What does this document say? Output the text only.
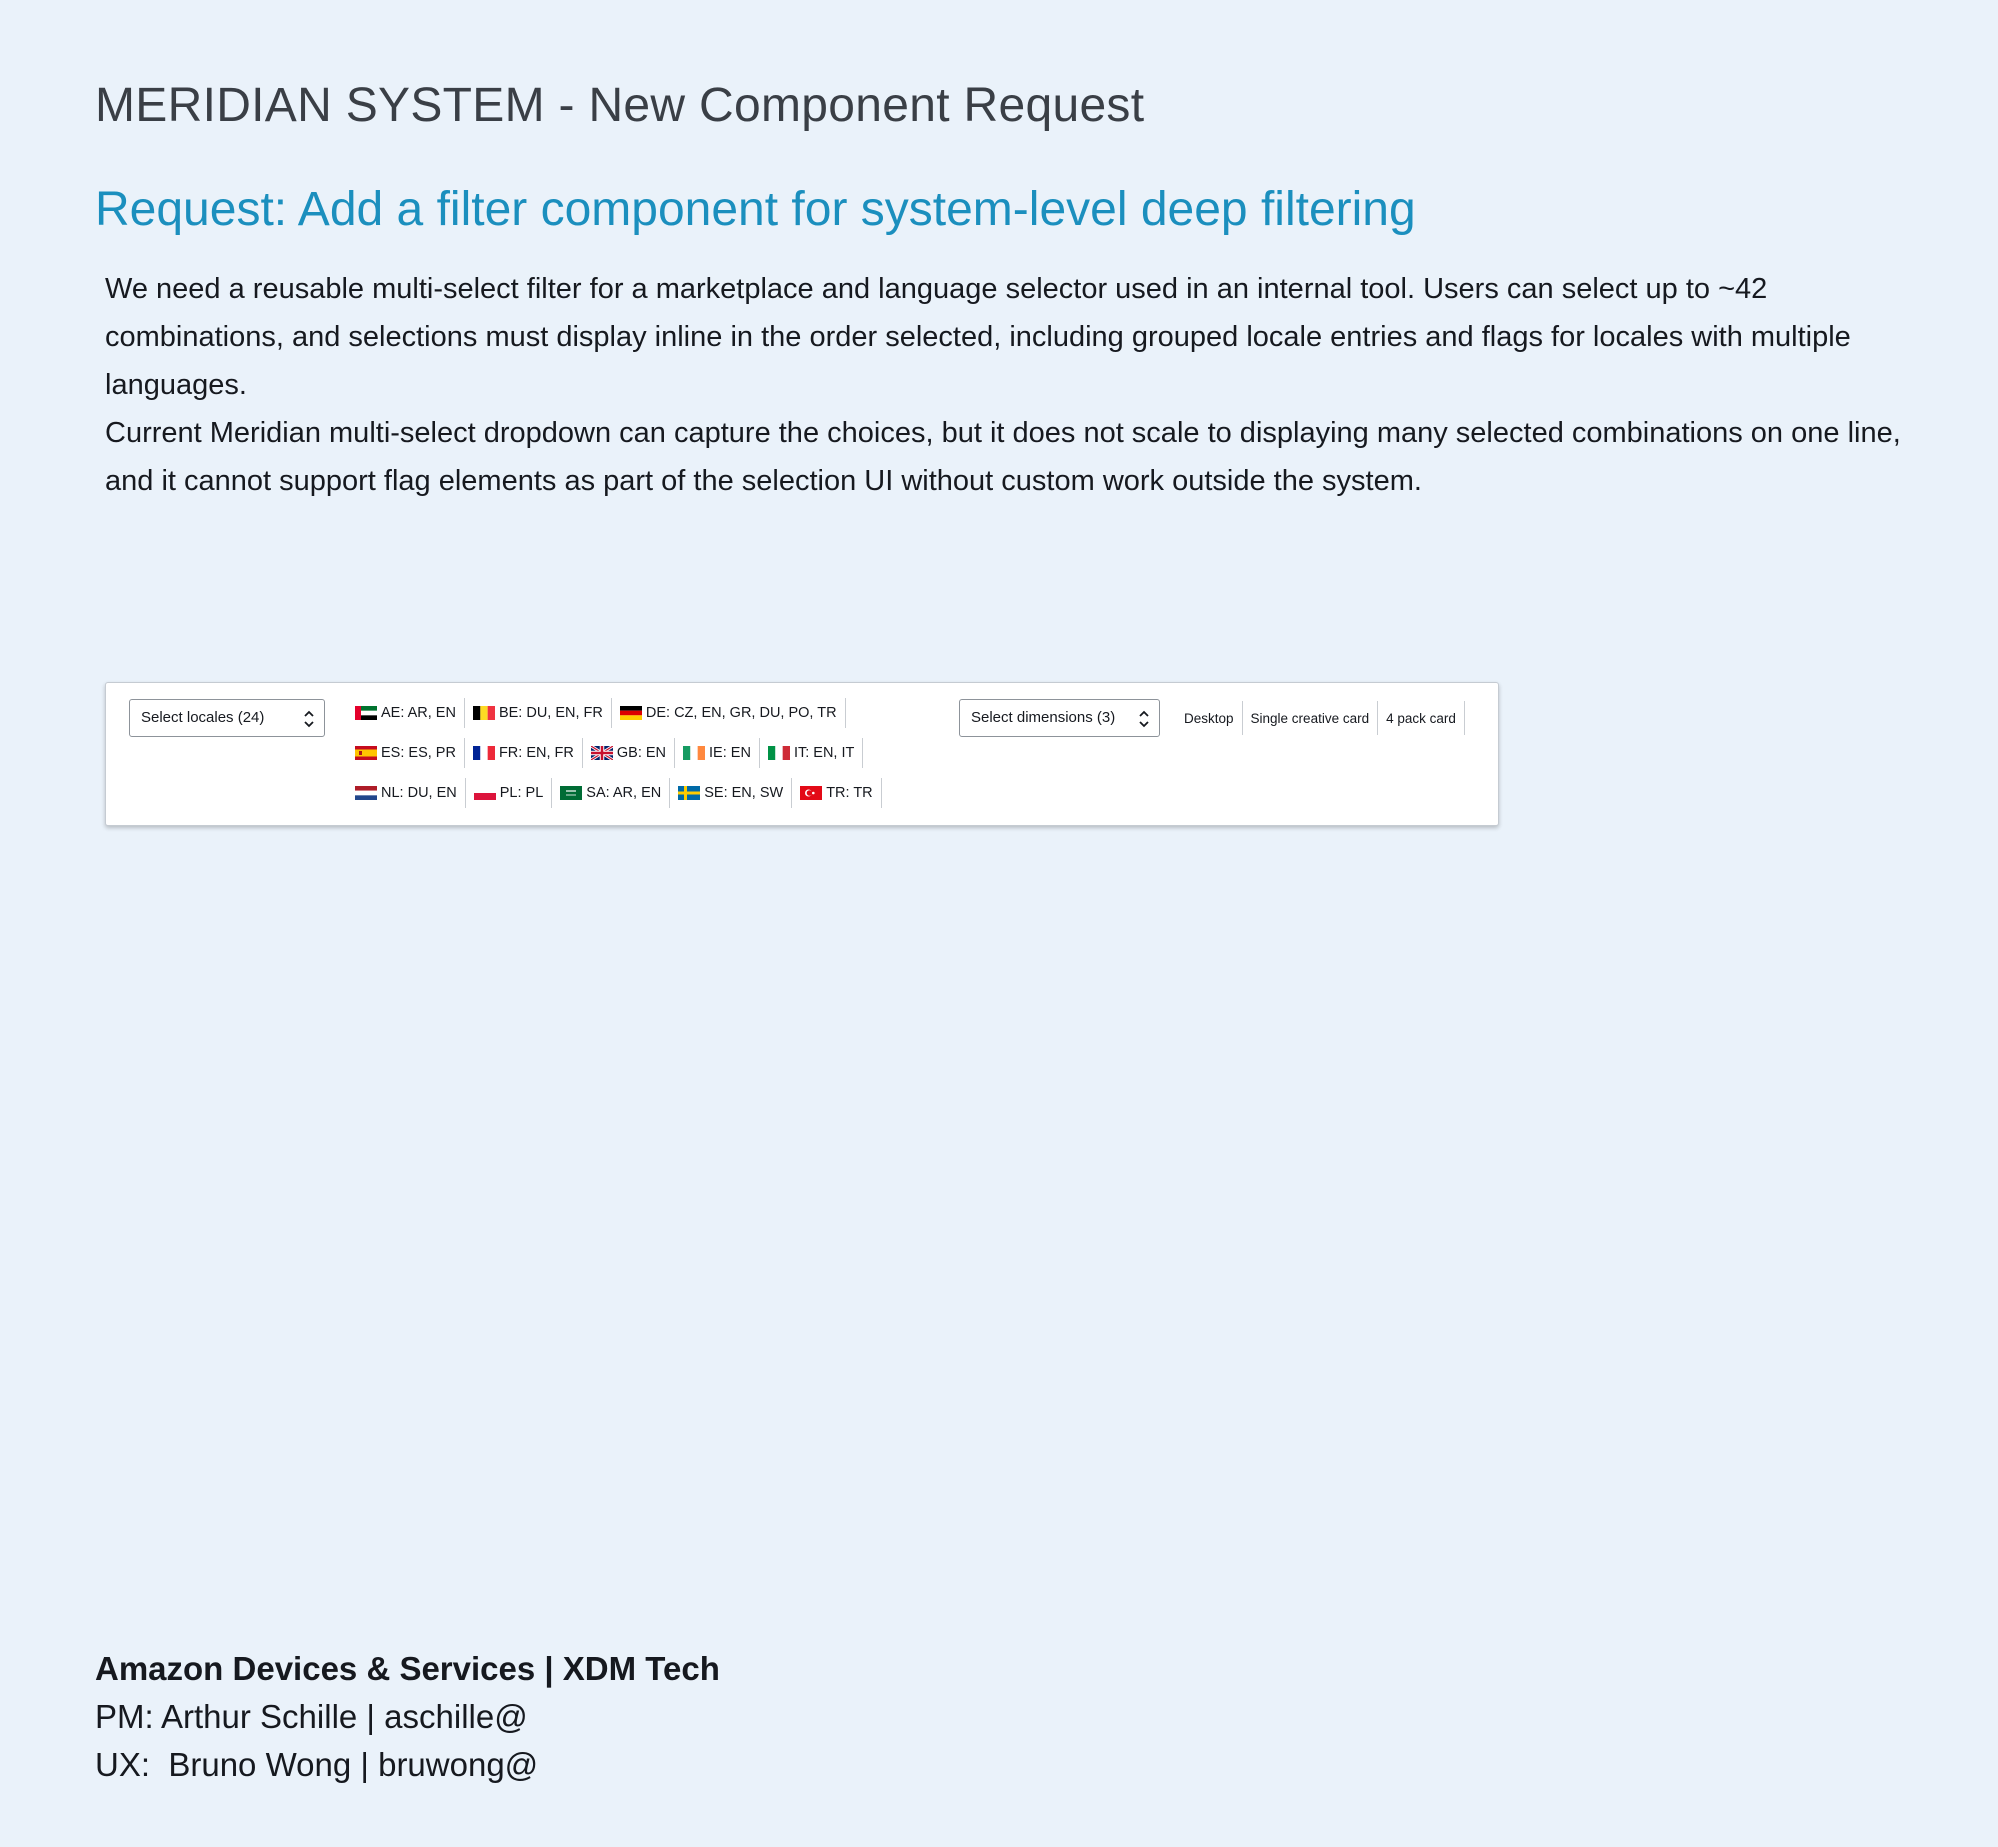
MERIDIAN SYSTEM - New Component Request
Request: Add a filter component for system-level deep filtering

We need a reusable multi-select filter for a marketplace and language selector used in an internal tool. Users can select up to ~42 combinations, and selections must display inline in the order selected, including grouped locale entries and flags for locales with multiple languages.

Current Meridian multi-select dropdown can capture the choices, but it does not scale to displaying many selected combinations on one line, and it cannot support flag elements as part of the selection UI without custom work outside the system.

Select locales (24)	AE: AR, EN	BE: DU, EN, FR	DE: CZ, EN, GR, DU, PO, TR
ES: ES, PR	FR: EN, FR	GB: EN	IE: EN	IT: EN, IT
NL: DU, EN	PL: PL	SA: AR, EN	SE: EN, SW	TR: TR
Select dimensions (3)	Desktop	Single creative card	4 pack card
Amazon Devices & Services | XDM Tech
PM: Arthur Schille | aschille@
UX:  Bruno Wong | bruwong@
